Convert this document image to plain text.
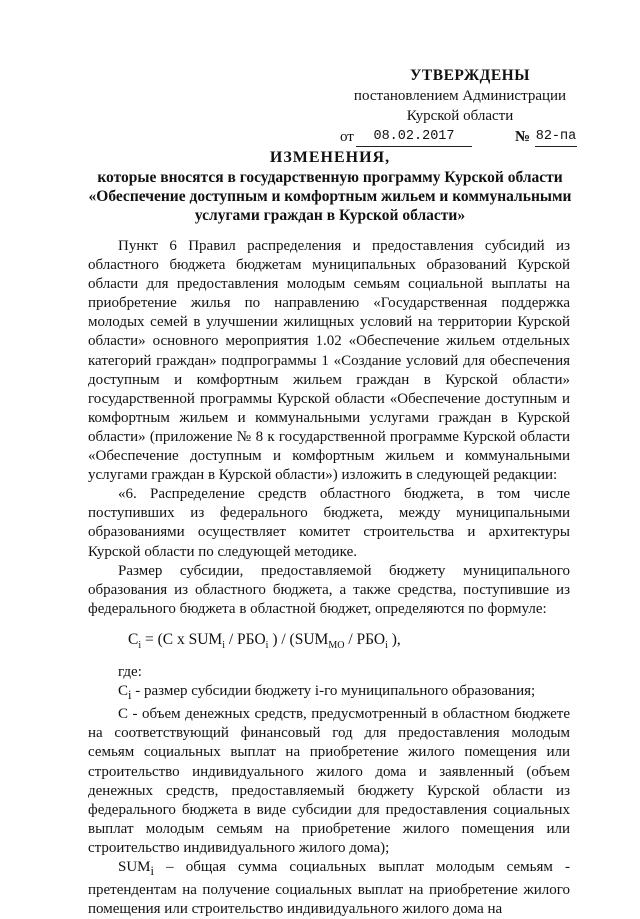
УТВЕРЖДЕНЫ
постановлением Администрации
Курской области
от	08.02.2017	№ 82-па
ИЗМЕНЕНИЯ,
которые вносятся в государственную программу Курской области
«Обеспечение доступным и комфортным жильем и коммунальными
услугами граждан в Курской области»

Пункт 6 Правил распределения и предоставления субсидий из областного бюджета бюджетам муниципальных образований Курской области для предоставления молодым семьям социальной выплаты на приобретение жилья по направлению «Государственная поддержка молодых семей в улучшении жилищных условий на территории Курской области» основного мероприятия 1.02 «Обеспечение жильем отдельных категорий граждан» подпрограммы 1 «Создание условий для обеспечения доступным и комфортным жильем граждан в Курской области» государственной программы Курской области «Обеспечение доступным и комфортным жильем и коммунальными услугами граждан в Курской области» (приложение № 8 к государственной программе Курской области «Обеспечение доступным и комфортным жильем и коммунальными услугами граждан в Курской области») изложить в следующей редакции:

«6. Распределение средств областного бюджета, в том числе поступивших из федерального бюджета, между муниципальными образованиями осуществляет комитет строительства и архитектуры Курской области по следующей методике.

Размер субсидии, предоставляемой бюджету муниципального образования из областного бюджета, а также средства, поступившие из федерального бюджета в областной бюджет, определяются по формуле:

$C_i = (C$ x $SUM_i / РБО_i$ ) / ($SUM_{MO} / РБО_i$ ),

где:

$C_i$ - размер субсидии бюджету i-го муниципального образования;

C - объем денежных средств, предусмотренный в областном бюджете на соответствующий финансовый год для предоставления молодым семьям социальных выплат на приобретение жилого помещения или строительство индивидуального жилого дома и заявленный (объем денежных средств, предоставляемый бюджету Курской области из федерального бюджета в виде субсидии для предоставления социальных выплат молодым семьям на приобретение жилого помещения или строительство индивидуального жилого дома);

$SUM_i$ – общая сумма социальных выплат молодым семьям - претендентам на получение социальных выплат на приобретение жилого помещения или строительство индивидуального жилого дома на
